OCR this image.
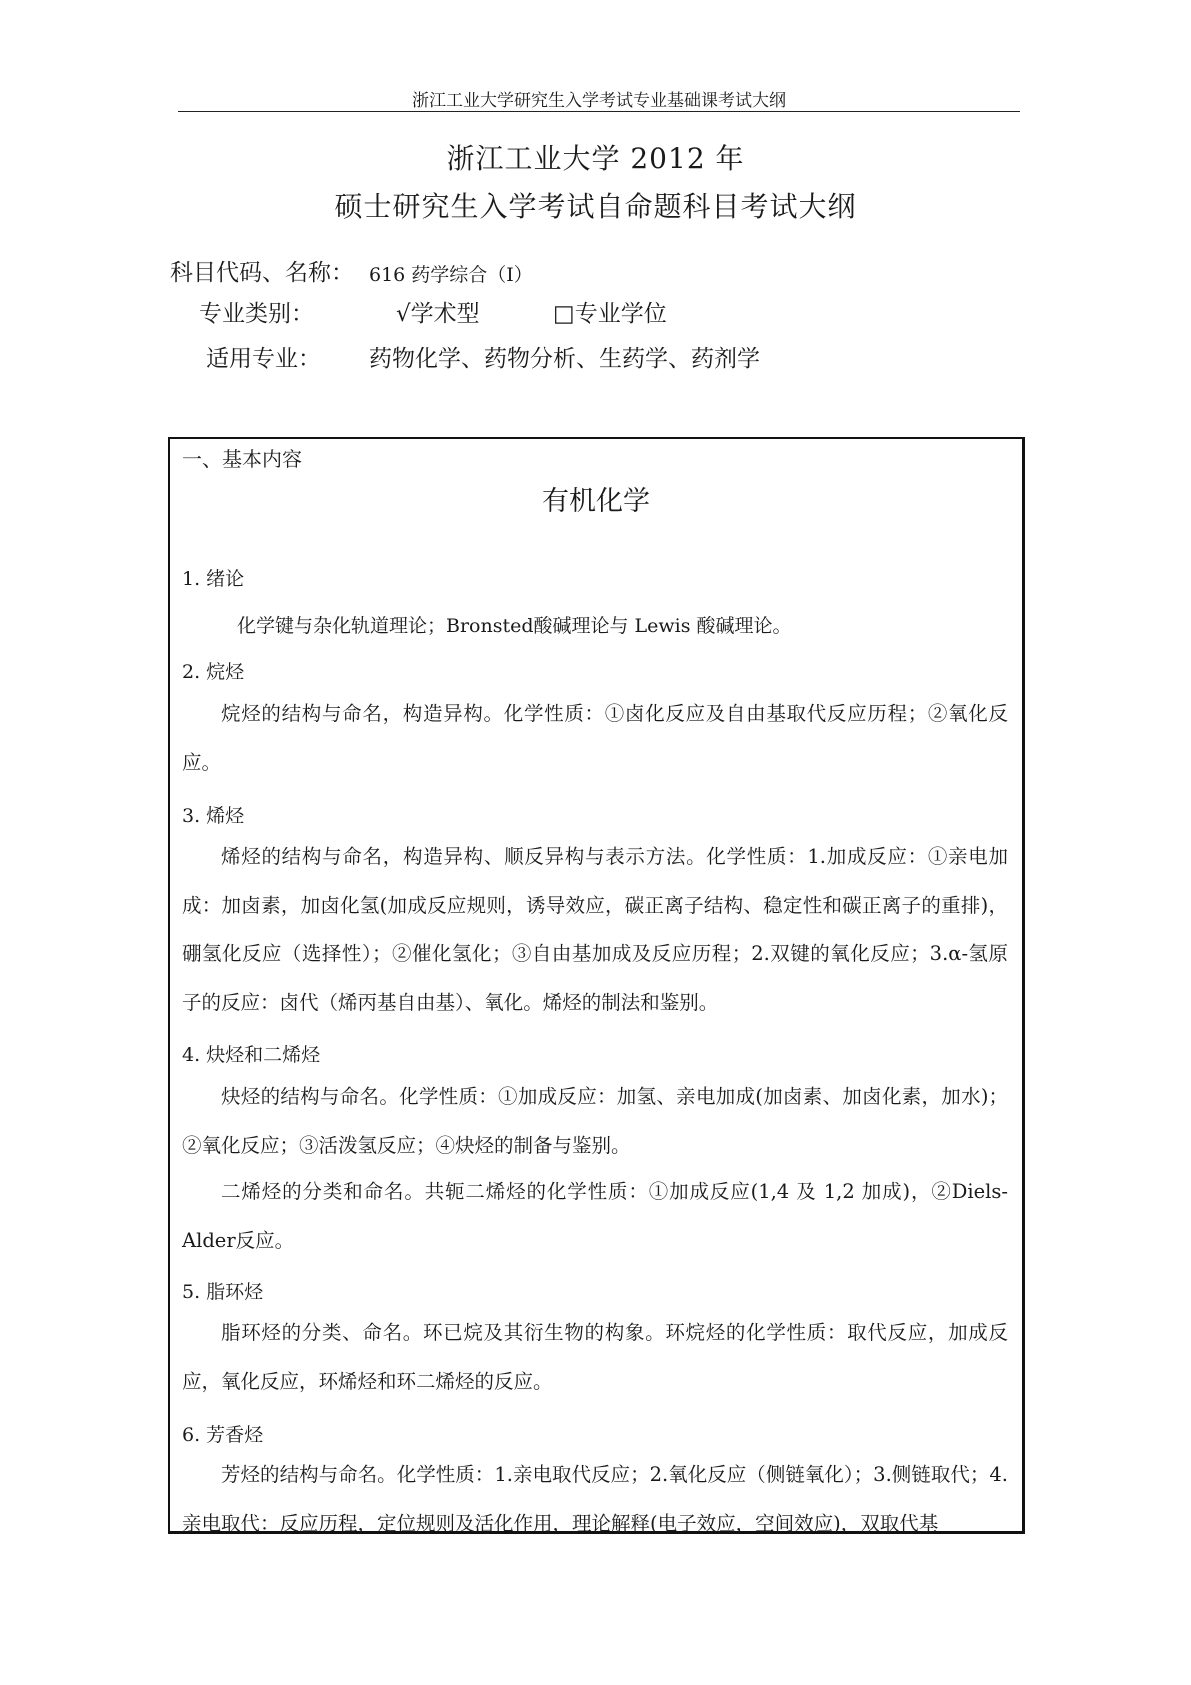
浙江工业大学研究生入学考试专业基础课考试大纲
浙江工业大学 2012 年
硕士研究生入学考试自命题科目考试大纲
科目代码、名称： 616 药学综合（Ⅰ）
专业类别：	√学术型	□专业学位
适用专业： 药物化学、药物分析、生药学、药剂学
一、基本内容
有机化学
1. 绪论
化学键与杂化轨道理论；Bronsted酸碱理论与 Lewis 酸碱理论。
2. 烷烃
烷烃的结构与命名，构造异构。化学性质：①卤化反应及自由基取代反应历程；②氧化反应。
3. 烯烃
烯烃的结构与命名，构造异构、顺反异构与表示方法。化学性质：1.加成反应：①亲电加成：加卤素，加卤化氢(加成反应规则，诱导效应，碳正离子结构、稳定性和碳正离子的重排)，硼氢化反应（选择性）；②催化氢化；③自由基加成及反应历程；2.双键的氧化反应；3.α-氢原子的反应：卤代（烯丙基自由基）、氧化。烯烃的制法和鉴别。
4. 炔烃和二烯烃
炔烃的结构与命名。化学性质：①加成反应：加氢、亲电加成(加卤素、加卤化素，加水)；②氧化反应；③活泼氢反应；④炔烃的制备与鉴别。
二烯烃的分类和命名。共轭二烯烃的化学性质：①加成反应(1,4 及 1,2 加成)，②Diels-Alder反应。
5. 脂环烃
脂环烃的分类、命名。环已烷及其衍生物的构象。环烷烃的化学性质：取代反应，加成反应，氧化反应，环烯烃和环二烯烃的反应。
6. 芳香烃
芳烃的结构与命名。化学性质：1.亲电取代反应；2.氧化反应（侧链氧化）；3.侧链取代；4.亲电取代：反应历程，定位规则及活化作用，理论解释(电子效应，空间效应)，双取代基
